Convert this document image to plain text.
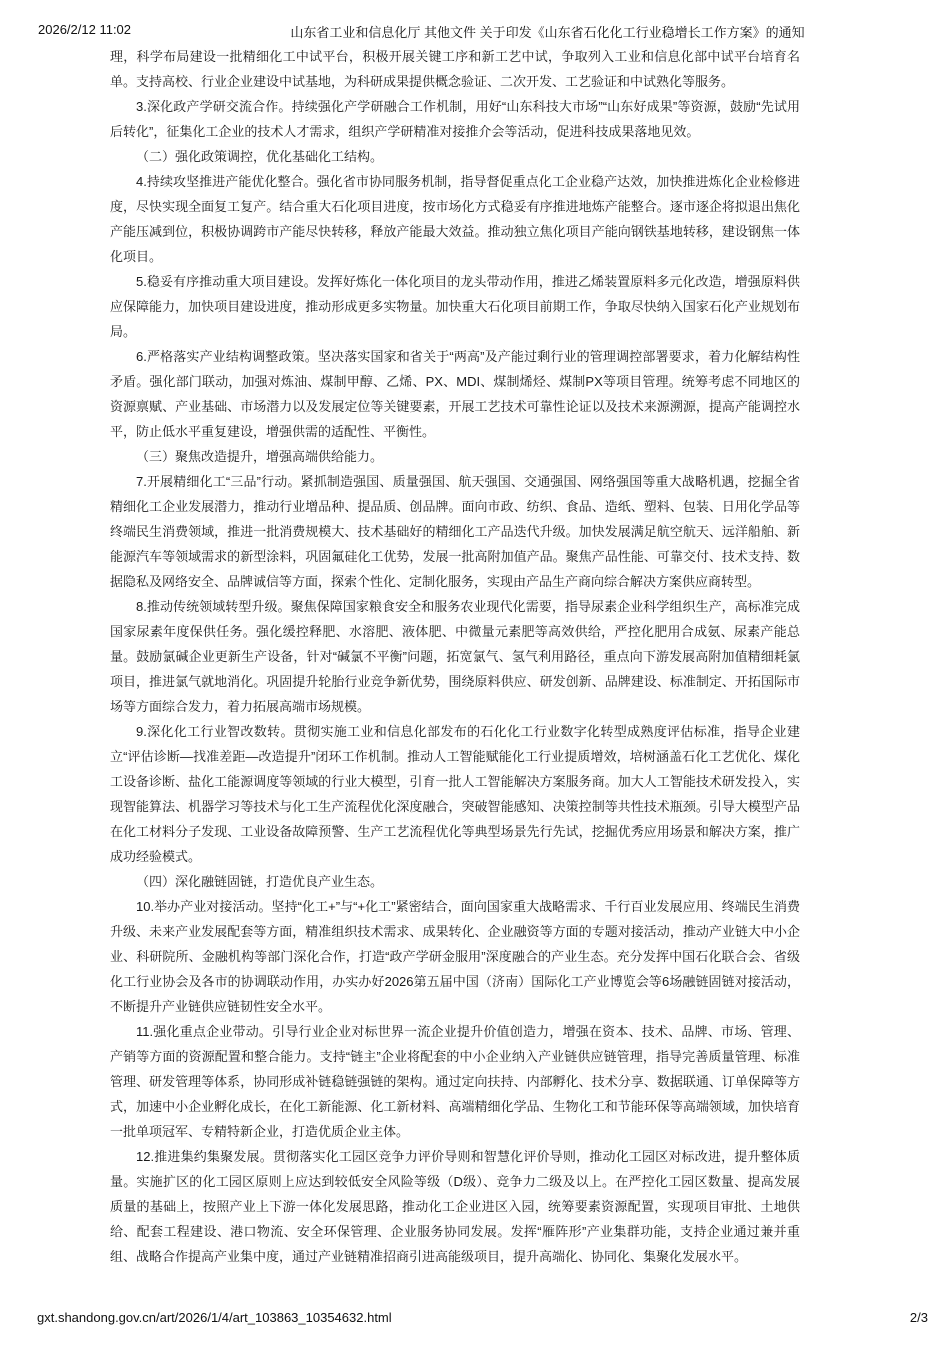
2026/2/12 11:02	山东省工业和信息化厅 其他文件 关于印发《山东省石化化工行业稳增长工作方案》的通知

理，科学布局建设一批精细化工中试平台，积极开展关键工序和新工艺中试，争取列入工业和信息化部中试平台培育名单。支持高校、行业企业建设中试基地，为科研成果提供概念验证、二次开发、工艺验证和中试熟化等服务。

3.深化政产学研交流合作。持续强化产学研融合工作机制，用好“山东科技大市场”“山东好成果”等资源，鼓励“先试用后转化”，征集化工企业的技术人才需求，组织产学研精准对接推介会等活动，促进科技成果落地见效。

（二）强化政策调控，优化基础化工结构。

4.持续攻坚推进产能优化整合。强化省市协同服务机制，指导督促重点化工企业稳产达效，加快推进炼化企业检修进度，尽快实现全面复工复产。结合重大石化项目进度，按市场化方式稳妥有序推进地炼产能整合。逐市逐企将拟退出焦化产能压减到位，积极协调跨市产能尽快转移，释放产能最大效益。推动独立焦化项目产能向钢铁基地转移，建设钢焦一体化项目。

5.稳妥有序推动重大项目建设。发挥好炼化一体化项目的龙头带动作用，推进乙烯装置原料多元化改造，增强原料供应保障能力，加快项目建设进度，推动形成更多实物量。加快重大石化项目前期工作，争取尽快纳入国家石化产业规划布局。

6.严格落实产业结构调整政策。坚决落实国家和省关于“两高”及产能过剩行业的管理调控部署要求，着力化解结构性矛盾。强化部门联动，加强对炼油、煤制甲醇、乙烯、PX、MDI、煤制烯烃、煤制PX等项目管理。统筹考虑不同地区的资源禀赋、产业基础、市场潜力以及发展定位等关键要素，开展工艺技术可靠性论证以及技术来源溯源，提高产能调控水平，防止低水平重复建设，增强供需的适配性、平衡性。

（三）聚焦改造提升，增强高端供给能力。

7.开展精细化工“三品”行动。紧抓制造强国、质量强国、航天强国、交通强国、网络强国等重大战略机遇，挖掘全省精细化工企业发展潜力，推动行业增品种、提品质、创品牌。面向市政、纺织、食品、造纸、塑料、包装、日用化学品等终端民生消费领域，推进一批消费规模大、技术基础好的精细化工产品迭代升级。加快发展满足航空航天、远洋船舶、新能源汽车等领域需求的新型涂料，巩固氟硅化工优势，发展一批高附加值产品。聚焦产品性能、可靠交付、技术支持、数据隐私及网络安全、品牌诚信等方面，探索个性化、定制化服务，实现由产品生产商向综合解决方案供应商转型。

8.推动传统领域转型升级。聚焦保障国家粮食安全和服务农业现代化需要，指导尿素企业科学组织生产，高标准完成国家尿素年度保供任务。强化缓控释肥、水溶肥、液体肥、中微量元素肥等高效供给，严控化肥用合成氨、尿素产能总量。鼓励氯碱企业更新生产设备，针对“碱氯不平衡”问题，拓宽氯气、氢气利用路径，重点向下游发展高附加值精细耗氯项目，推进氯气就地消化。巩固提升轮胎行业竞争新优势，围绕原料供应、研发创新、品牌建设、标准制定、开拓国际市场等方面综合发力，着力拓展高端市场规模。

9.深化化工行业智改数转。贯彻实施工业和信息化部发布的石化化工行业数字化转型成熟度评估标准，指导企业建立“评估诊断—找准差距—改造提升”闭环工作机制。推动人工智能赋能化工行业提质增效，培树涵盖石化工艺优化、煤化工设备诊断、盐化工能源调度等领域的行业大模型，引育一批人工智能解决方案服务商。加大人工智能技术研发投入，实现智能算法、机器学习等技术与化工生产流程优化深度融合，突破智能感知、决策控制等共性技术瓶颈。引导大模型产品在化工材料分子发现、工业设备故障预警、生产工艺流程优化等典型场景先行先试，挖掘优秀应用场景和解决方案，推广成功经验模式。

（四）深化融链固链，打造优良产业生态。

10.举办产业对接活动。坚持“化工+”与“+化工”紧密结合，面向国家重大战略需求、千行百业发展应用、终端民生消费升级、未来产业发展配套等方面，精准组织技术需求、成果转化、企业融资等方面的专题对接活动，推动产业链大中小企业、科研院所、金融机构等部门深化合作，打造“政产学研金服用”深度融合的产业生态。充分发挥中国石化联合会、省级化工行业协会及各市的协调联动作用，办实办好2026第五届中国（济南）国际化工产业博览会等6场融链固链对接活动，不断提升产业链供应链韧性安全水平。

11.强化重点企业带动。引导行业企业对标世界一流企业提升价值创造力，增强在资本、技术、品牌、市场、管理、产销等方面的资源配置和整合能力。支持“链主”企业将配套的中小企业纳入产业链供应链管理，指导完善质量管理、标准管理、研发管理等体系，协同形成补链稳链强链的架构。通过定向扶持、内部孵化、技术分享、数据联通、订单保障等方式，加速中小企业孵化成长，在化工新能源、化工新材料、高端精细化学品、生物化工和节能环保等高端领域，加快培育一批单项冠军、专精特新企业，打造优质企业主体。

12.推进集约集聚发展。贯彻落实化工园区竞争力评价导则和智慧化评价导则，推动化工园区对标改进，提升整体质量。实施扩区的化工园区原则上应达到较低安全风险等级（D级）、竞争力二级及以上。在严控化工园区数量、提高发展质量的基础上，按照产业上下游一体化发展思路，推动化工企业进区入园，统筹要素资源配置，实现项目审批、土地供给、配套工程建设、港口物流、安全环保管理、企业服务协同发展。发挥“雁阵形”产业集群功能，支持企业通过兼并重组、战略合作提高产业集中度，通过产业链精准招商引进高能级项目，提升高端化、协同化、集聚化发展水平。

gxt.shandong.gov.cn/art/2026/1/4/art_103863_10354632.html	2/3
